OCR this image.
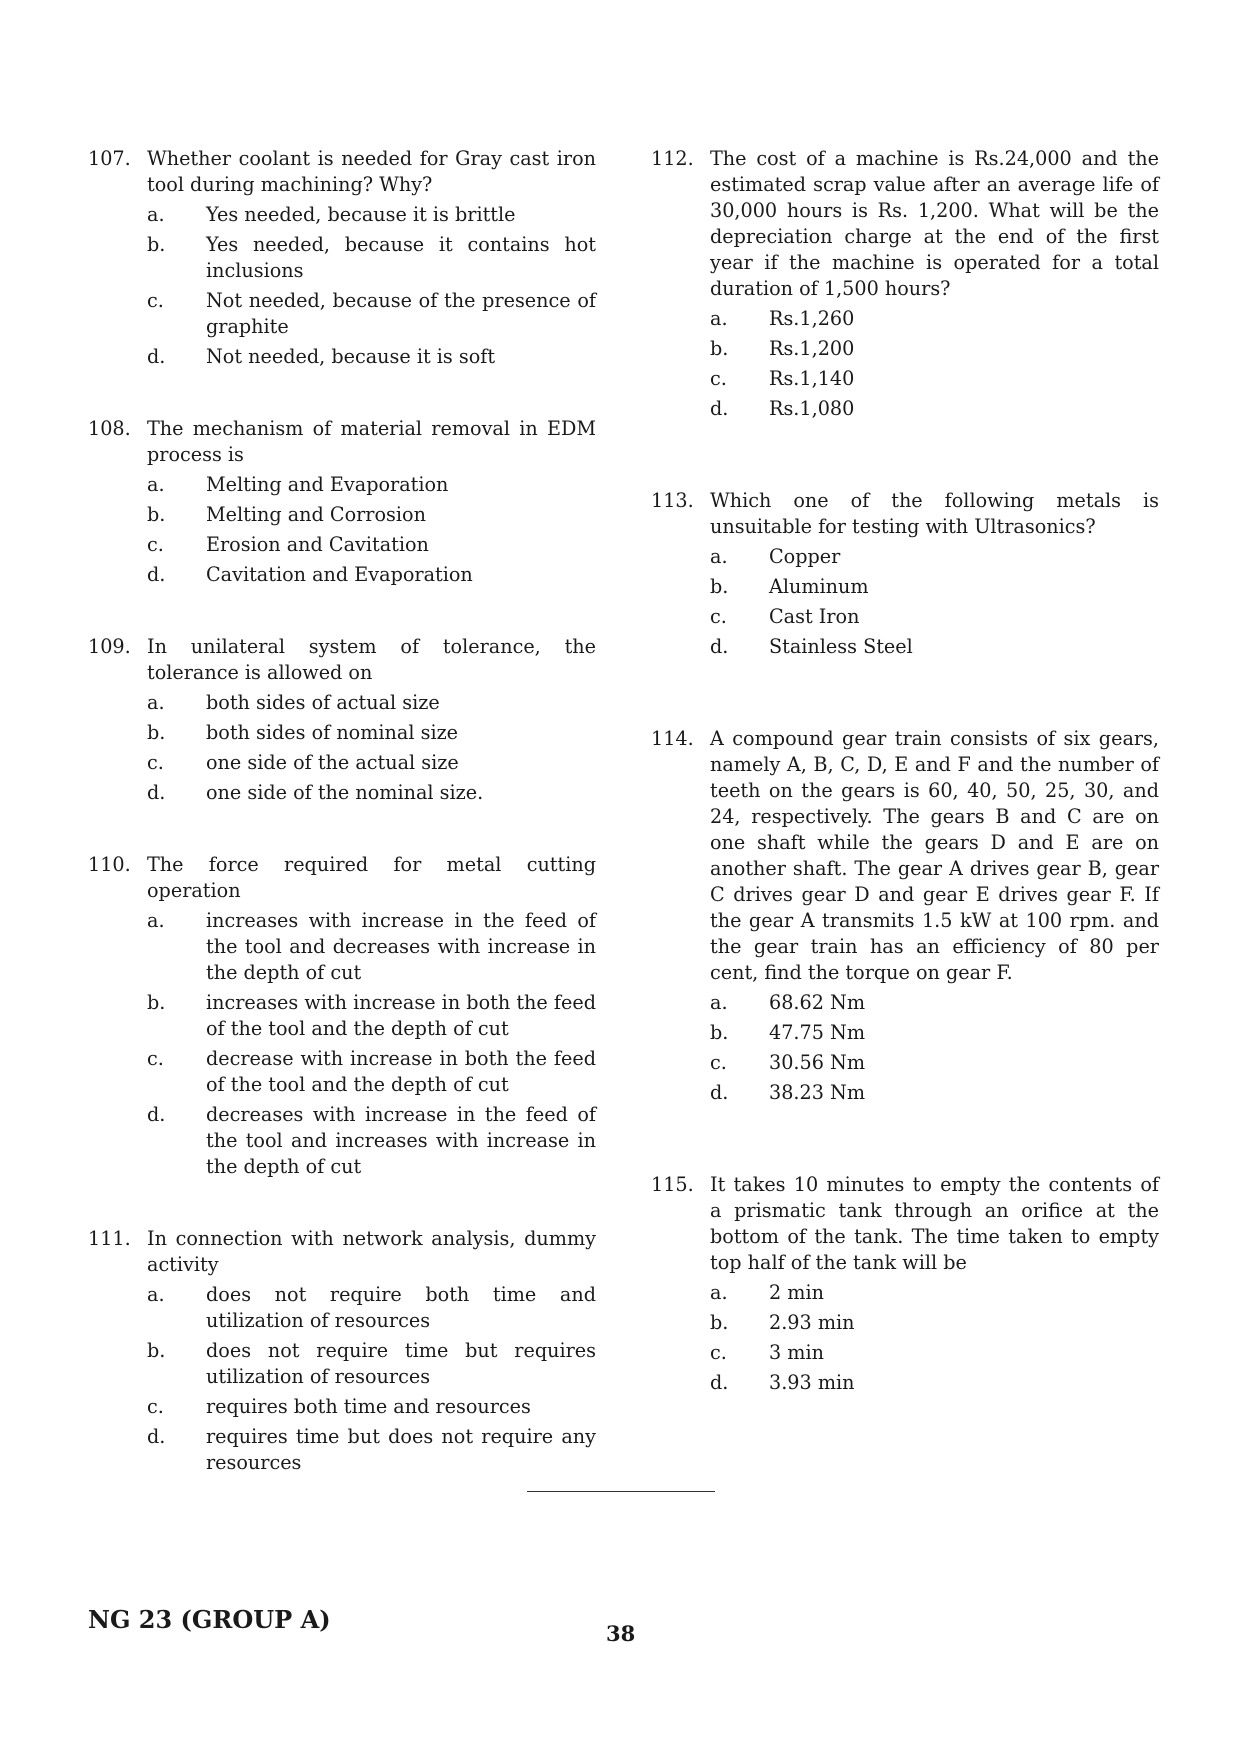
107. Whether coolant is needed for Gray cast iron tool during machining? Why?
a. Yes needed, because it is brittle
b. Yes needed, because it contains hot inclusions
c. Not needed, because of the presence of graphite
d. Not needed, because it is soft
108. The mechanism of material removal in EDM process is
a. Melting and Evaporation
b. Melting and Corrosion
c. Erosion and Cavitation
d. Cavitation and Evaporation
109. In unilateral system of tolerance, the tolerance is allowed on
a. both sides of actual size
b. both sides of nominal size
c. one side of the actual size
d. one side of the nominal size.
110. The force required for metal cutting operation
a. increases with increase in the feed of the tool and decreases with increase in the depth of cut
b. increases with increase in both the feed of the tool and the depth of cut
c. decrease with increase in both the feed of the tool and the depth of cut
d. decreases with increase in the feed of the tool and increases with increase in the depth of cut
111. In connection with network analysis, dummy activity
a. does not require both time and utilization of resources
b. does not require time but requires utilization of resources
c. requires both time and resources
d. requires time but does not require any resources
112. The cost of a machine is Rs.24,000 and the estimated scrap value after an average life of 30,000 hours is Rs. 1,200. What will be the depreciation charge at the end of the first year if the machine is operated for a total duration of 1,500 hours?
a. Rs.1,260
b. Rs.1,200
c. Rs.1,140
d. Rs.1,080
113. Which one of the following metals is unsuitable for testing with Ultrasonics?
a. Copper
b. Aluminum
c. Cast Iron
d. Stainless Steel
114. A compound gear train consists of six gears, namely A, B, C, D, E and F and the number of teeth on the gears is 60, 40, 50, 25, 30, and 24, respectively. The gears B and C are on one shaft while the gears D and E are on another shaft. The gear A drives gear B, gear C drives gear D and gear E drives gear F. If the gear A transmits 1.5 kW at 100 rpm. and the gear train has an efficiency of 80 per cent, find the torque on gear F.
a. 68.62 Nm
b. 47.75 Nm
c. 30.56 Nm
d. 38.23 Nm
115. It takes 10 minutes to empty the contents of a prismatic tank through an orifice at the bottom of the tank. The time taken to empty top half of the tank will be
a. 2 min
b. 2.93 min
c. 3 min
d. 3.93 min
NG 23 (GROUP A)	38
